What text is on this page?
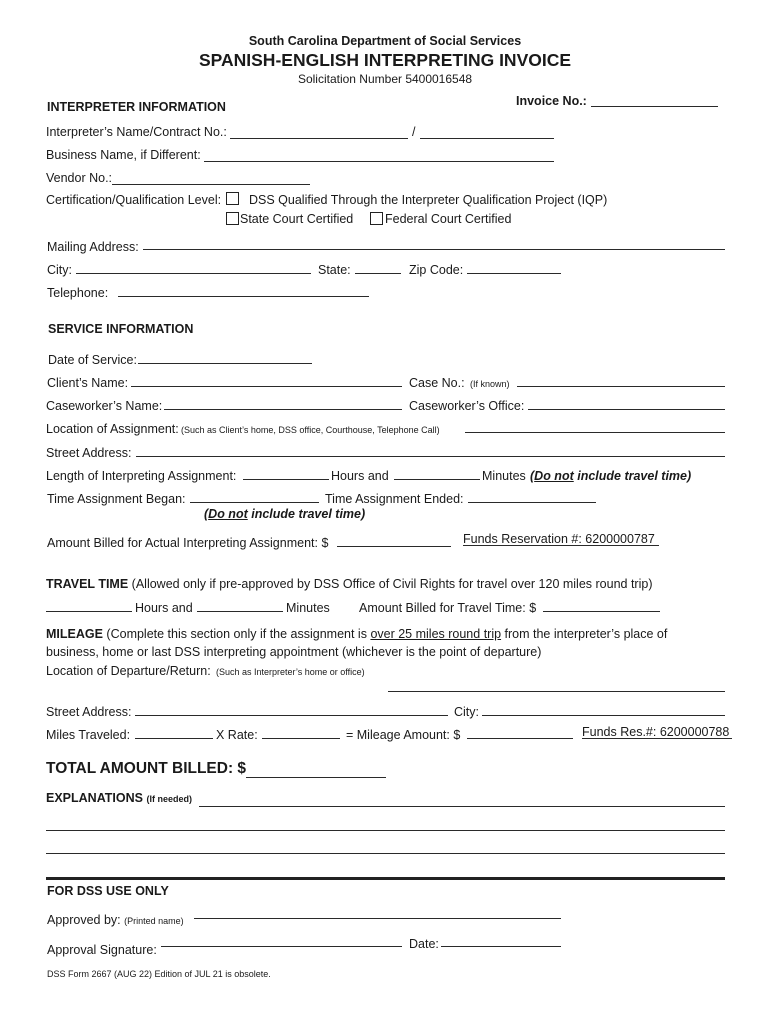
South Carolina Department of Social Services
SPANISH-ENGLISH INTERPRETING INVOICE
Solicitation Number 5400016548
Invoice No.:
INTERPRETER INFORMATION
Interpreter’s Name/Contract No.:	/
Business Name, if Different:
Vendor No.:
Certification/Qualification Level: DSS Qualified Through the Interpreter Qualification Project (IQP)
State Court Certified	Federal Court Certified
Mailing Address:
City:	State:	Zip Code:
Telephone:
SERVICE INFORMATION
Date of Service:
Client’s Name:	Case No.: (If known)
Caseworker’s Name:	Caseworker’s Office:
Location of Assignment: (Such as Client’s home, DSS office, Courthouse, Telephone Call)
Street Address:
Length of Interpreting Assignment:	Hours and	Minutes (Do not include travel time)
Time Assignment Began:	Time Assignment Ended:
(Do not include travel time)
Amount Billed for Actual Interpreting Assignment: $	Funds Reservation #: 6200000787
TRAVEL TIME (Allowed only if pre-approved by DSS Office of Civil Rights for travel over 120 miles round trip)
Hours and	Minutes Amount Billed for Travel Time: $
MILEAGE (Complete this section only if the assignment is over 25 miles round trip from the interpreter’s place of
business, home or last DSS interpreting appointment (whichever is the point of departure)
Location of Departure/Return: (Such as Interpreter’s home or office)
Street Address:	City:
Miles Traveled:	X Rate:	= Mileage Amount: $	Funds Res.#: 6200000788
TOTAL AMOUNT BILLED: $
EXPLANATIONS (If needed)
FOR DSS USE ONLY
Approved by: (Printed name)
Approval Signature:	Date:
DSS Form 2667 (AUG 22) Edition of JUL 21 is obsolete.
